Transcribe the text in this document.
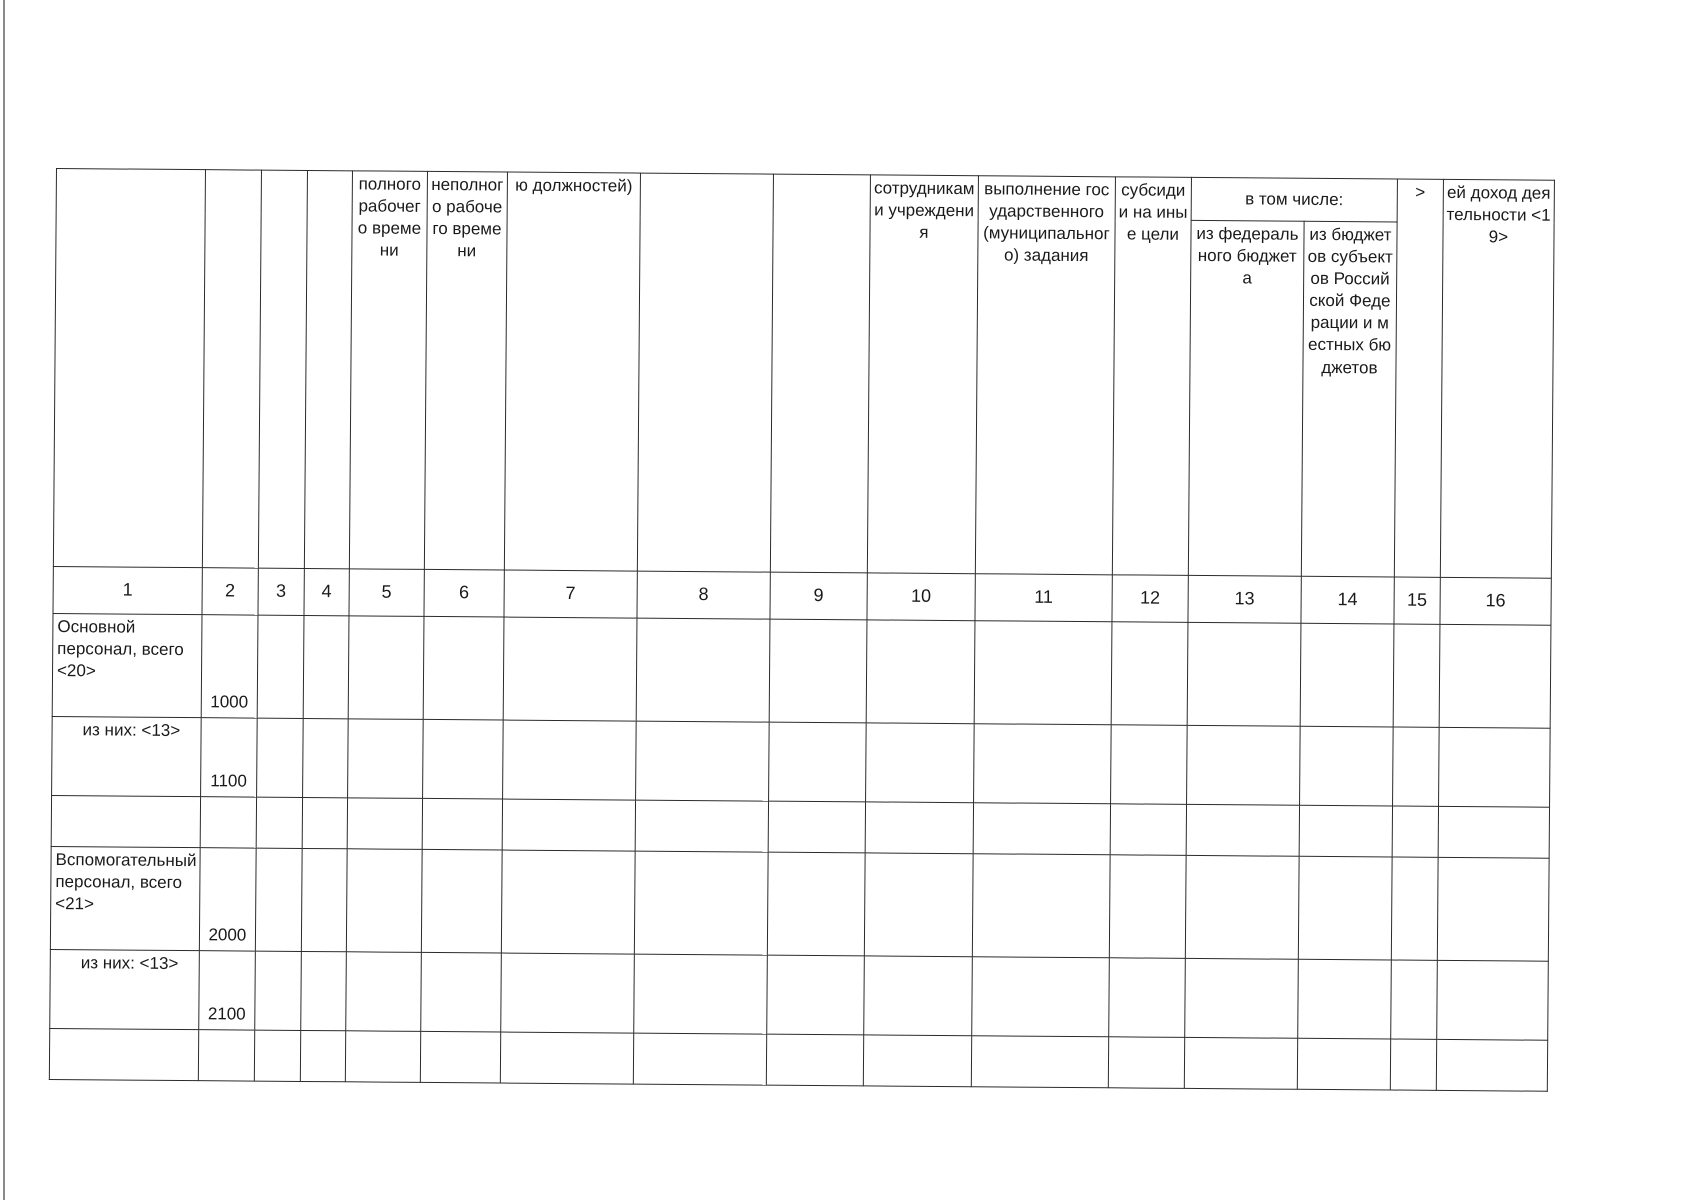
				полного рабочего времени	неполного рабочего времени	ю должностей)			сотрудниками учреждения	выполнение государственного (муниципального) задания	субсидии на иные цели	в том числе:		>	ей доход деятельности <19>
												из федерального бюджета	из бюджетов субъектов Российской Федерации и местных бюджетов		
1	2	3	4	5	6	7	8	9	10	11	12	13	14	15	16
Основной персонал, всего <20>	1000														
из них: <13>	1100														

Вспомогательный персонал, всего <21>	2000														
из них: <13>	2100														
